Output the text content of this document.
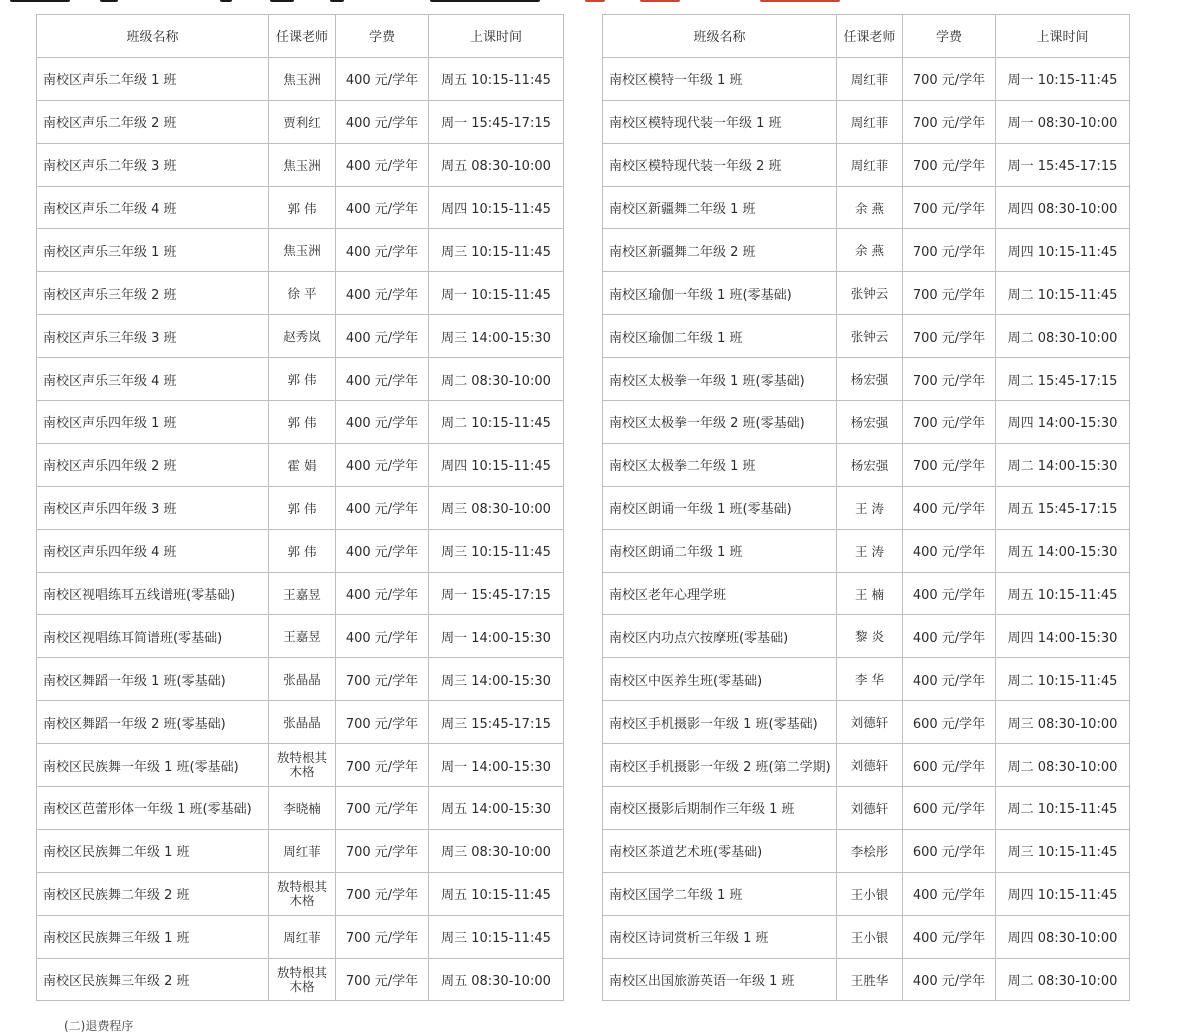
班级名称	任课老师	学费	上课时间
南校区声乐二年级 1 班	焦玉洲	400 元/学年	周五 10:15-11:45
南校区声乐二年级 2 班	贾利红	400 元/学年	周一 15:45-17:15
南校区声乐二年级 3 班	焦玉洲	400 元/学年	周五 08:30-10:00
南校区声乐二年级 4 班	郭 伟	400 元/学年	周四 10:15-11:45
南校区声乐三年级 1 班	焦玉洲	400 元/学年	周三 10:15-11:45
南校区声乐三年级 2 班	徐 平	400 元/学年	周一 10:15-11:45
南校区声乐三年级 3 班	赵秀岚	400 元/学年	周三 14:00-15:30
南校区声乐三年级 4 班	郭 伟	400 元/学年	周二 08:30-10:00
南校区声乐四年级 1 班	郭 伟	400 元/学年	周二 10:15-11:45
南校区声乐四年级 2 班	霍 娟	400 元/学年	周四 10:15-11:45
南校区声乐四年级 3 班	郭 伟	400 元/学年	周三 08:30-10:00
南校区声乐四年级 4 班	郭 伟	400 元/学年	周三 10:15-11:45
南校区视唱练耳五线谱班(零基础)	王嘉昱	400 元/学年	周一 15:45-17:15
南校区视唱练耳简谱班(零基础)	王嘉昱	400 元/学年	周一 14:00-15:30
南校区舞蹈一年级 1 班(零基础)	张晶晶	700 元/学年	周三 14:00-15:30
南校区舞蹈一年级 2 班(零基础)	张晶晶	700 元/学年	周三 15:45-17:15
南校区民族舞一年级 1 班(零基础)	敖特根其木格	700 元/学年	周一 14:00-15:30
南校区芭蕾形体一年级 1 班(零基础)	李晓楠	700 元/学年	周五 14:00-15:30
南校区民族舞二年级 1 班	周红菲	700 元/学年	周三 08:30-10:00
南校区民族舞二年级 2 班	敖特根其木格	700 元/学年	周五 10:15-11:45
南校区民族舞三年级 1 班	周红菲	700 元/学年	周三 10:15-11:45
南校区民族舞三年级 2 班	敖特根其木格	700 元/学年	周五 08:30-10:00
班级名称	任课老师	学费	上课时间
南校区模特一年级 1 班	周红菲	700 元/学年	周一 10:15-11:45
南校区模特现代装一年级 1 班	周红菲	700 元/学年	周一 08:30-10:00
南校区模特现代装一年级 2 班	周红菲	700 元/学年	周一 15:45-17:15
南校区新疆舞二年级 1 班	余 燕	700 元/学年	周四 08:30-10:00
南校区新疆舞二年级 2 班	余 燕	700 元/学年	周四 10:15-11:45
南校区瑜伽一年级 1 班(零基础)	张钟云	700 元/学年	周二 10:15-11:45
南校区瑜伽二年级 1 班	张钟云	700 元/学年	周二 08:30-10:00
南校区太极拳一年级 1 班(零基础)	杨宏强	700 元/学年	周二 15:45-17:15
南校区太极拳一年级 2 班(零基础)	杨宏强	700 元/学年	周四 14:00-15:30
南校区太极拳二年级 1 班	杨宏强	700 元/学年	周二 14:00-15:30
南校区朗诵一年级 1 班(零基础)	王 涛	400 元/学年	周五 15:45-17:15
南校区朗诵二年级 1 班	王 涛	400 元/学年	周五 14:00-15:30
南校区老年心理学班	王 楠	400 元/学年	周五 10:15-11:45
南校区内功点穴按摩班(零基础)	黎 炎	400 元/学年	周四 14:00-15:30
南校区中医养生班(零基础)	李 华	400 元/学年	周二 10:15-11:45
南校区手机摄影一年级 1 班(零基础)	刘德轩	600 元/学年	周三 08:30-10:00
南校区手机摄影一年级 2 班(第二学期)	刘德轩	600 元/学年	周二 08:30-10:00
南校区摄影后期制作三年级 1 班	刘德轩	600 元/学年	周二 10:15-11:45
南校区茶道艺术班(零基础)	李桧彤	600 元/学年	周三 10:15-11:45
南校区国学二年级 1 班	王小银	400 元/学年	周四 10:15-11:45
南校区诗词赏析三年级 1 班	王小银	400 元/学年	周四 08:30-10:00
南校区出国旅游英语一年级 1 班	王胜华	400 元/学年	周二 08:30-10:00
(二)退费程序
